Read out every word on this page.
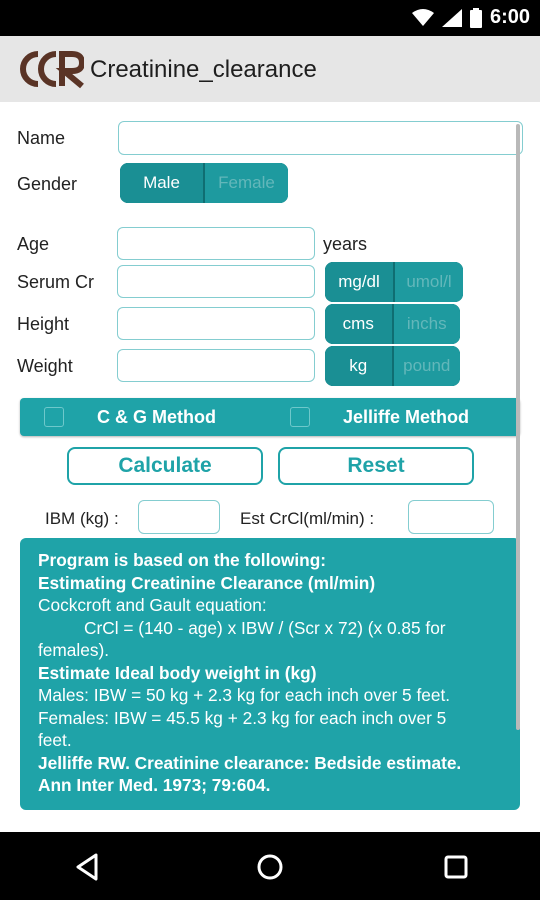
6:00
Creatinine_clearance
Name
Gender	Male	Female
Age	years
Serum Cr	mg/dl	umol/l
Height	cms	inchs
Weight	kg	pound
C & G Method	Jelliffe Method
Calculate	Reset
IBM (kg) :	Est CrCl(ml/min) :
Program is based on the following:
Estimating Creatinine Clearance (ml/min)
Cockcroft and Gault equation:
CrCl = (140 - age) x IBW / (Scr x 72) (x 0.85 for
females).
Estimate Ideal body weight in (kg)
Males: IBW = 50 kg + 2.3 kg for each inch over 5 feet.
Females: IBW = 45.5 kg + 2.3 kg for each inch over 5
feet.
Jelliffe RW. Creatinine clearance: Bedside estimate.
Ann Inter Med. 1973; 79:604.
